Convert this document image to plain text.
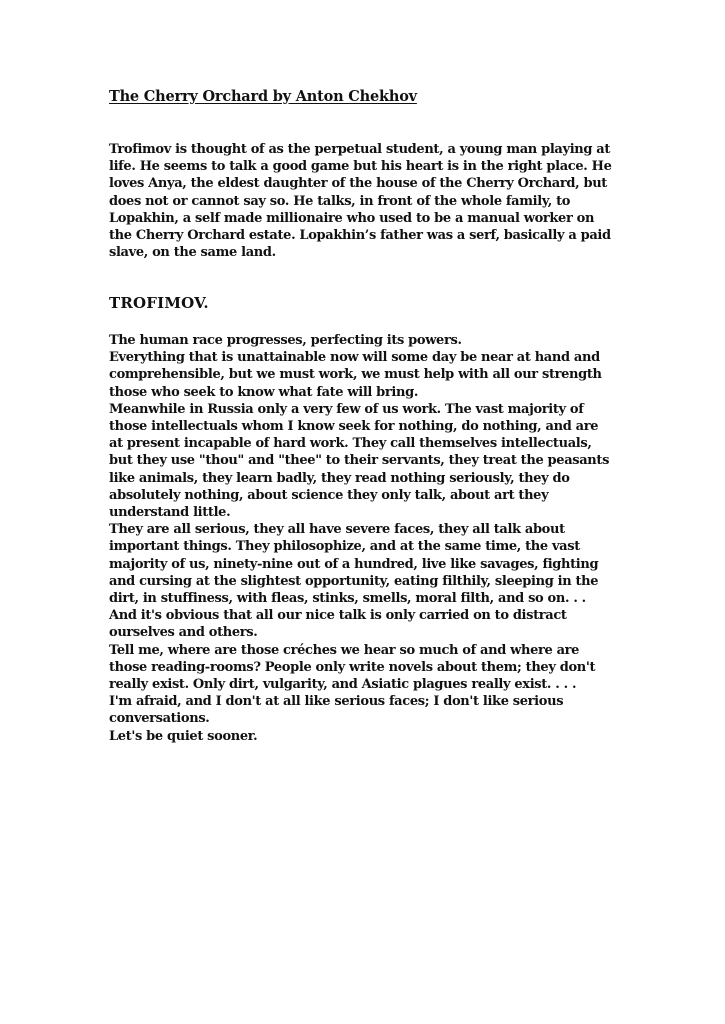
The Cherry Orchard by Anton Chekhov

Trofimov is thought of as the perpetual student, a young man playing at life. He seems to talk a good game but his heart is in the right place. He loves Anya, the eldest daughter of the house of the Cherry Orchard, but does not or cannot say so. He talks, in front of the whole family, to Lopakhin, a self made millionaire who used to be a manual worker on the Cherry Orchard estate. Lopakhin’s father was a serf, basically a paid slave, on the same land.

TROFIMOV.

The human race progresses, perfecting its powers.

Everything that is unattainable now will some day be near at hand and comprehensible, but we must work, we must help with all our strength those who seek to know what fate will bring.

Meanwhile in Russia only a very few of us work. The vast majority of those intellectuals whom I know seek for nothing, do nothing, and are at present incapable of hard work. They call themselves intellectuals, but they use "thou" and "thee" to their servants, they treat the peasants like animals, they learn badly, they read nothing seriously, they do absolutely nothing, about science they only talk, about art they understand little.

They are all serious, they all have severe faces, they all talk about important things. They philosophize, and at the same time, the vast majority of us, ninety-nine out of a hundred, live like savages, fighting and cursing at the slightest opportunity, eating filthily, sleeping in the dirt, in stuffiness, with fleas, stinks, smells, moral filth, and so on. . . And it's obvious that all our nice talk is only carried on to distract ourselves and others.

Tell me, where are those créches we hear so much of and where are those reading-rooms? People only write novels about them; they don't really exist. Only dirt, vulgarity, and Asiatic plagues really exist. . . .

I'm afraid, and I don't at all like serious faces; I don't like serious conversations.

Let's be quiet sooner.
